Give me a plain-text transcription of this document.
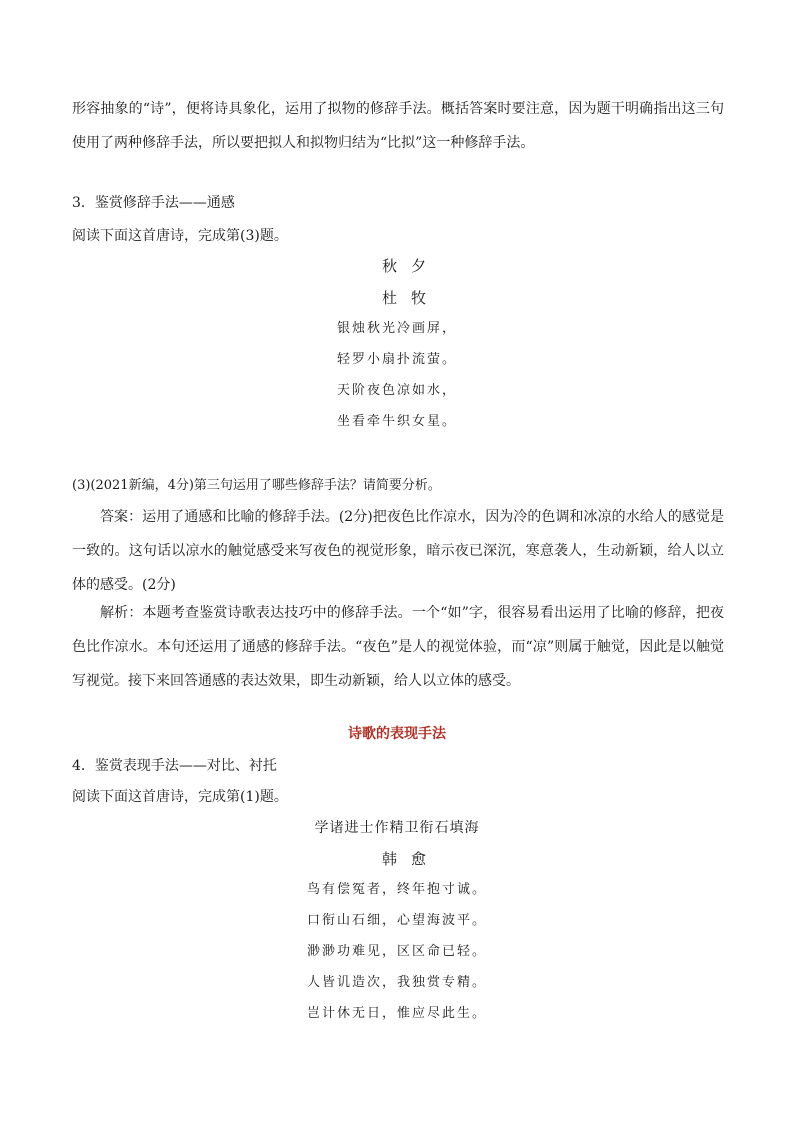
形容抽象的“诗”，便将诗具象化，运用了拟物的修辞手法。概括答案时要注意，因为题干明确指出这三句使用了两种修辞手法，所以要把拟人和拟物归结为“比拟”这一种修辞手法。

3．鉴赏修辞手法——通感

阅读下面这首唐诗，完成第(3)题。

秋夕

杜牧

银烛秋光冷画屏，

轻罗小扇扑流萤。

天阶夜色凉如水，

坐看牵牛织女星。

(3)(2021新编，4分)第三句运用了哪些修辞手法？请简要分析。

答案：运用了通感和比喻的修辞手法。(2分)把夜色比作凉水，因为冷的色调和冰凉的水给人的感觉是一致的。这句话以凉水的触觉感受来写夜色的视觉形象，暗示夜已深沉，寒意袭人，生动新颖，给人以立体的感受。(2分)

解析：本题考查鉴赏诗歌表达技巧中的修辞手法。一个“如”字，很容易看出运用了比喻的修辞，把夜色比作凉水。本句还运用了通感的修辞手法。“夜色”是人的视觉体验，而“凉”则属于触觉，因此是以触觉写视觉。接下来回答通感的表达效果，即生动新颖，给人以立体的感受。

诗歌的表现手法

4．鉴赏表现手法——对比、衬托

阅读下面这首唐诗，完成第(1)题。

学诸进士作精卫衔石填海

韩愈

鸟有偿冤者，终年抱寸诚。

口衔山石细，心望海波平。

渺渺功难见，区区命已轻。

人皆讥造次，我独赏专精。

岂计休无日，惟应尽此生。
